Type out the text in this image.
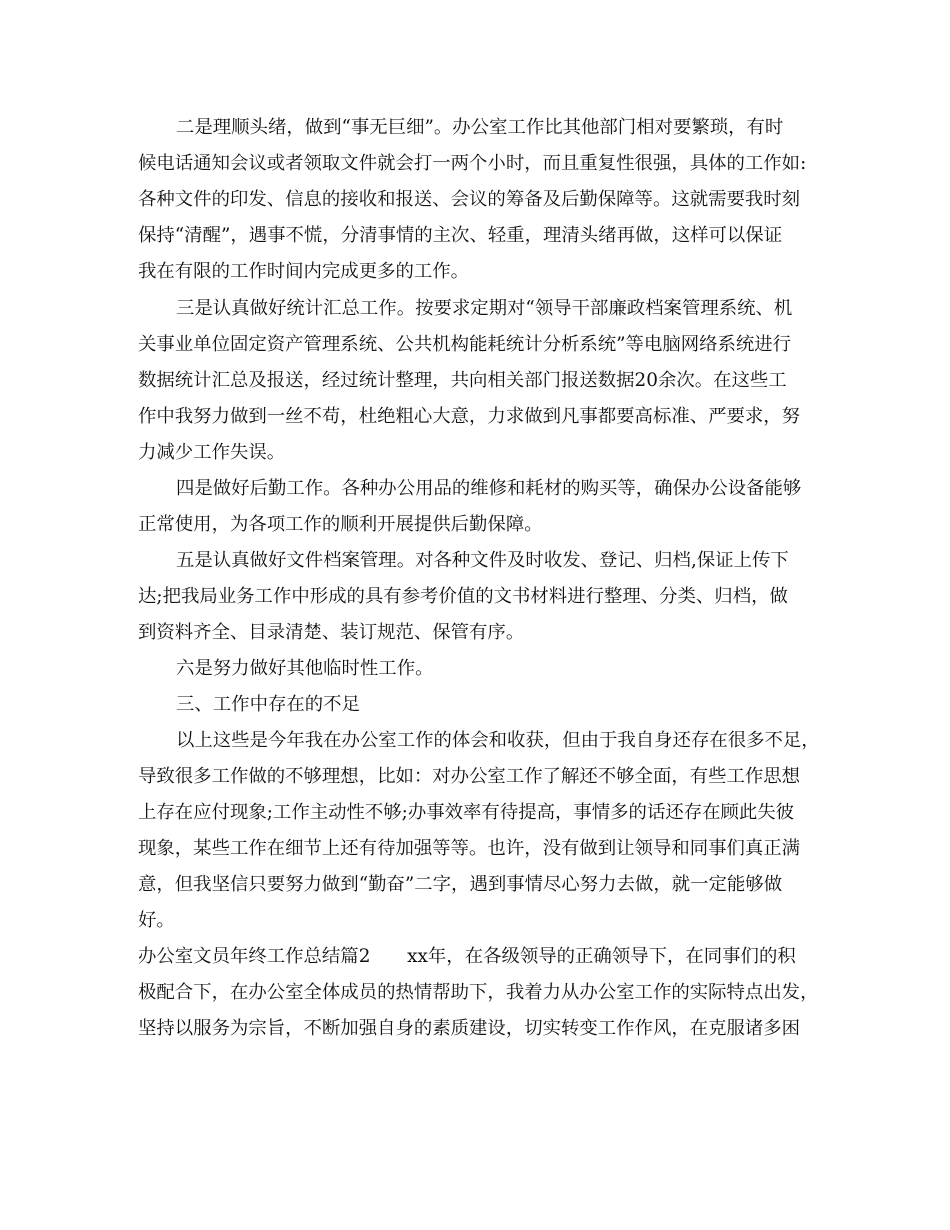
二是理顺头绪，做到“事无巨细”。办公室工作比其他部门相对要繁琐，有时
候电话通知会议或者领取文件就会打一两个小时，而且重复性很强，具体的工作如:
各种文件的印发、信息的接收和报送、会议的筹备及后勤保障等。这就需要我时刻
保持“清醒”，遇事不慌，分清事情的主次、轻重，理清头绪再做，这样可以保证
我在有限的工作时间内完成更多的工作。
三是认真做好统计汇总工作。按要求定期对“领导干部廉政档案管理系统、机
关事业单位固定资产管理系统、公共机构能耗统计分析系统”等电脑网络系统进行
数据统计汇总及报送，经过统计整理，共向相关部门报送数据20余次。在这些工
作中我努力做到一丝不苟，杜绝粗心大意，力求做到凡事都要高标准、严要求，努
力减少工作失误。
四是做好后勤工作。各种办公用品的维修和耗材的购买等，确保办公设备能够
正常使用，为各项工作的顺利开展提供后勤保障。
五是认真做好文件档案管理。对各种文件及时收发、登记、归档,保证上传下
达;把我局业务工作中形成的具有参考价值的文书材料进行整理、分类、归档，做
到资料齐全、目录清楚、装订规范、保管有序。
六是努力做好其他临时性工作。
三、工作中存在的不足
以上这些是今年我在办公室工作的体会和收获，但由于我自身还存在很多不足，
导致很多工作做的不够理想，比如：对办公室工作了解还不够全面，有些工作思想
上存在应付现象;工作主动性不够;办事效率有待提高，事情多的话还存在顾此失彼
现象，某些工作在细节上还有待加强等等。也许，没有做到让领导和同事们真正满
意，但我坚信只要努力做到“勤奋”二字，遇到事情尽心努力去做，就一定能够做
好。
办公室文员年终工作总结篇2　　xx年，在各级领导的正确领导下，在同事们的积
极配合下，在办公室全体成员的热情帮助下，我着力从办公室工作的实际特点出发，
坚持以服务为宗旨，不断加强自身的素质建设，切实转变工作作风，在克服诸多困
